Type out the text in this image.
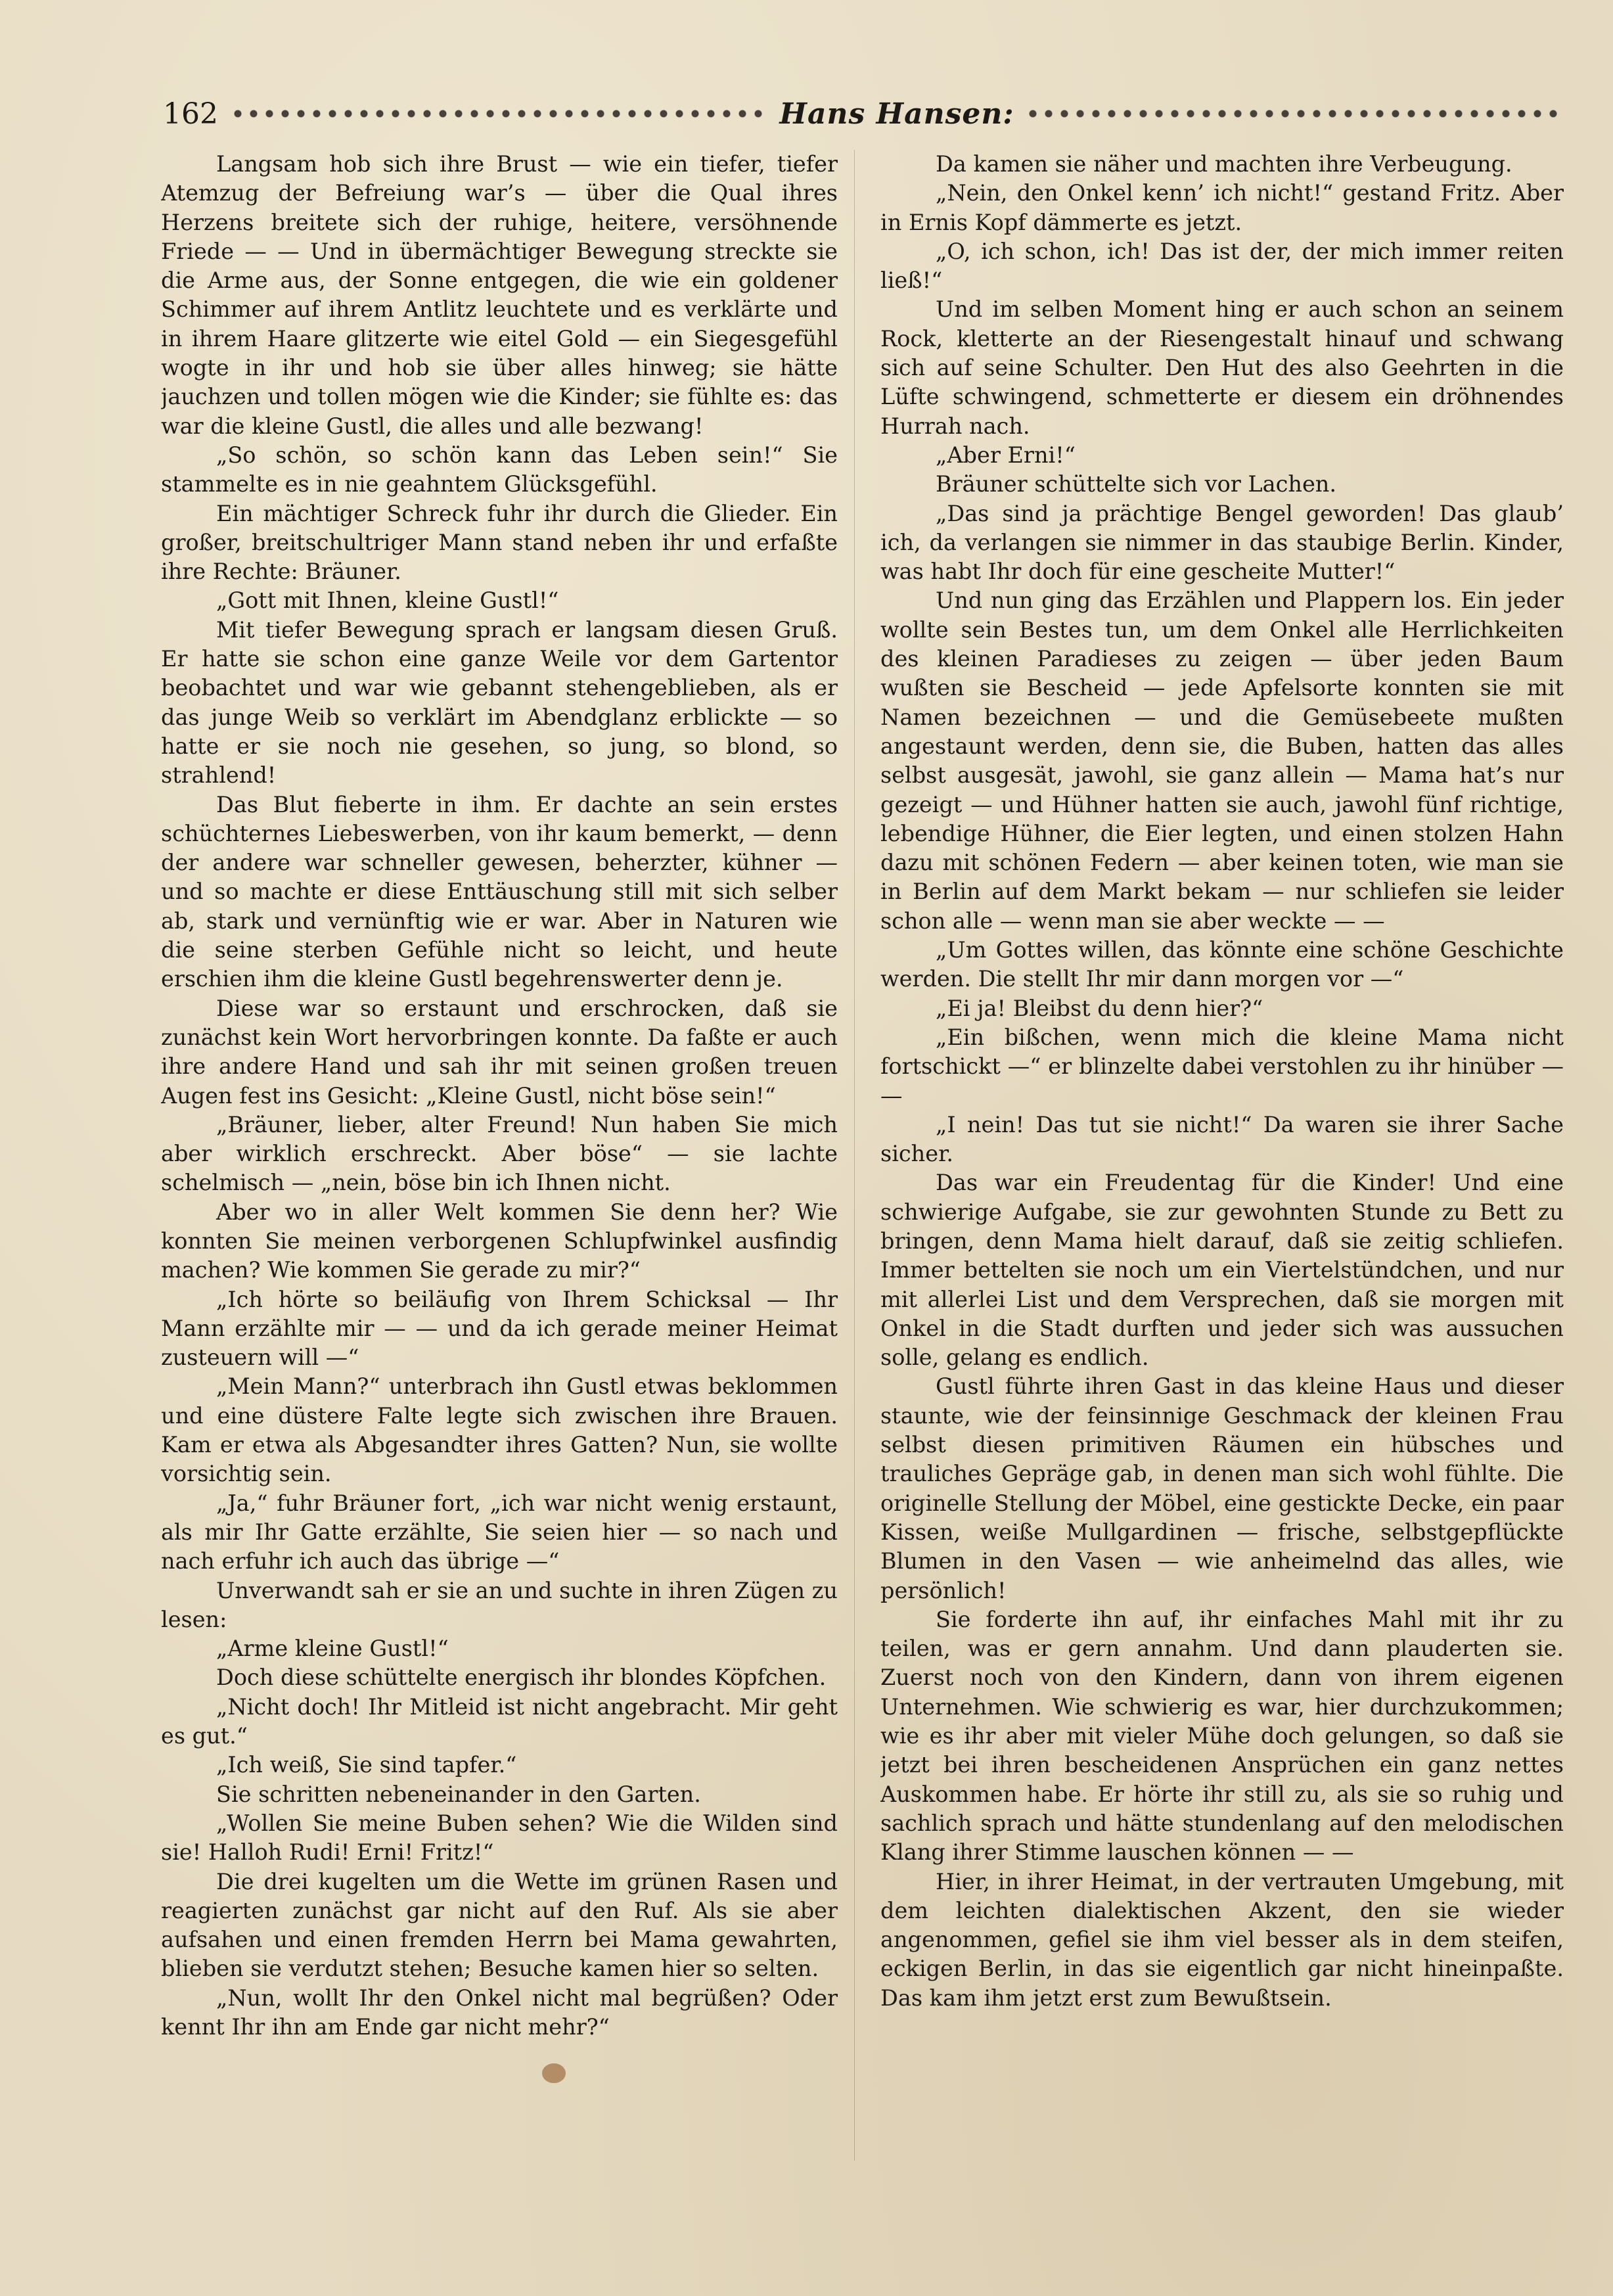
162	Hans Hansen:

Langsam hob sich ihre Brust — wie ein tiefer, tiefer Atemzug der Befreiung war’s — über die Qual ihres Herzens breitete sich der ruhige, heitere, versöhnende Friede — — Und in übermächtiger Bewegung streckte sie die Arme aus, der Sonne entgegen, die wie ein goldener Schimmer auf ihrem Antlitz leuchtete und es verklärte und in ihrem Haare glitzerte wie eitel Gold — ein Siegesgefühl wogte in ihr und hob sie über alles hinweg; sie hätte jauchzen und tollen mögen wie die Kinder; sie fühlte es: das war die kleine Gustl, die alles und alle bezwang!

„So schön, so schön kann das Leben sein!“ Sie stammelte es in nie geahntem Glücksgefühl.

Ein mächtiger Schreck fuhr ihr durch die Glieder. Ein großer, breitschultriger Mann stand neben ihr und erfaßte ihre Rechte: Bräuner.

„Gott mit Ihnen, kleine Gustl!“

Mit tiefer Bewegung sprach er langsam diesen Gruß. Er hatte sie schon eine ganze Weile vor dem Gartentor beobachtet und war wie gebannt stehengeblieben, als er das junge Weib so verklärt im Abendglanz erblickte — so hatte er sie noch nie gesehen, so jung, so blond, so strahlend!

Das Blut fieberte in ihm. Er dachte an sein erstes schüchternes Liebeswerben, von ihr kaum bemerkt, — denn der andere war schneller gewesen, beherzter, kühner — und so machte er diese Enttäuschung still mit sich selber ab, stark und vernünftig wie er war. Aber in Naturen wie die seine sterben Gefühle nicht so leicht, und heute erschien ihm die kleine Gustl begehrenswerter denn je.

Diese war so erstaunt und erschrocken, daß sie zunächst kein Wort hervorbringen konnte. Da faßte er auch ihre andere Hand und sah ihr mit seinen großen treuen Augen fest ins Gesicht: „Kleine Gustl, nicht böse sein!“

„Bräuner, lieber, alter Freund! Nun haben Sie mich aber wirklich erschreckt. Aber böse“ — sie lachte schelmisch — „nein, böse bin ich Ihnen nicht.

Aber wo in aller Welt kommen Sie denn her? Wie konnten Sie meinen verborgenen Schlupfwinkel ausfindig machen? Wie kommen Sie gerade zu mir?“

„Ich hörte so beiläufig von Ihrem Schicksal — Ihr Mann erzählte mir — — und da ich gerade meiner Heimat zusteuern will —“

„Mein Mann?“ unterbrach ihn Gustl etwas beklommen und eine düstere Falte legte sich zwischen ihre Brauen. Kam er etwa als Abgesandter ihres Gatten? Nun, sie wollte vorsichtig sein.

„Ja,“ fuhr Bräuner fort, „ich war nicht wenig erstaunt, als mir Ihr Gatte erzählte, Sie seien hier — so nach und nach erfuhr ich auch das übrige —“

Unverwandt sah er sie an und suchte in ihren Zügen zu lesen:

„Arme kleine Gustl!“

Doch diese schüttelte energisch ihr blondes Köpfchen.

„Nicht doch! Ihr Mitleid ist nicht angebracht. Mir geht es gut.“

„Ich weiß, Sie sind tapfer.“

Sie schritten nebeneinander in den Garten.

„Wollen Sie meine Buben sehen? Wie die Wilden sind sie! Halloh Rudi! Erni! Fritz!“

Die drei kugelten um die Wette im grünen Rasen und reagierten zunächst gar nicht auf den Ruf. Als sie aber aufsahen und einen fremden Herrn bei Mama gewahrten, blieben sie verdutzt stehen; Besuche kamen hier so selten.

„Nun, wollt Ihr den Onkel nicht mal begrüßen? Oder kennt Ihr ihn am Ende gar nicht mehr?“

Da kamen sie näher und machten ihre Verbeugung.

„Nein, den Onkel kenn’ ich nicht!“ gestand Fritz. Aber in Ernis Kopf dämmerte es jetzt.

„O, ich schon, ich! Das ist der, der mich immer reiten ließ!“

Und im selben Moment hing er auch schon an seinem Rock, kletterte an der Riesengestalt hinauf und schwang sich auf seine Schulter. Den Hut des also Geehrten in die Lüfte schwingend, schmetterte er diesem ein dröhnendes Hurrah nach.

„Aber Erni!“

Bräuner schüttelte sich vor Lachen.

„Das sind ja prächtige Bengel geworden! Das glaub’ ich, da verlangen sie nimmer in das staubige Berlin. Kinder, was habt Ihr doch für eine gescheite Mutter!“

Und nun ging das Erzählen und Plappern los. Ein jeder wollte sein Bestes tun, um dem Onkel alle Herrlichkeiten des kleinen Paradieses zu zeigen — über jeden Baum wußten sie Bescheid — jede Apfelsorte konnten sie mit Namen bezeichnen — und die Gemüsebeete mußten angestaunt werden, denn sie, die Buben, hatten das alles selbst ausgesät, jawohl, sie ganz allein — Mama hat’s nur gezeigt — und Hühner hatten sie auch, jawohl fünf richtige, lebendige Hühner, die Eier legten, und einen stolzen Hahn dazu mit schönen Federn — aber keinen toten, wie man sie in Berlin auf dem Markt bekam — nur schliefen sie leider schon alle — wenn man sie aber weckte — —

„Um Gottes willen, das könnte eine schöne Geschichte werden. Die stellt Ihr mir dann morgen vor —“

„Ei ja! Bleibst du denn hier?“

„Ein bißchen, wenn mich die kleine Mama nicht fortschickt —“ er blinzelte dabei verstohlen zu ihr hinüber — —

„I nein! Das tut sie nicht!“ Da waren sie ihrer Sache sicher.

Das war ein Freudentag für die Kinder! Und eine schwierige Aufgabe, sie zur gewohnten Stunde zu Bett zu bringen, denn Mama hielt darauf, daß sie zeitig schliefen. Immer bettelten sie noch um ein Viertelstündchen, und nur mit allerlei List und dem Versprechen, daß sie morgen mit Onkel in die Stadt durften und jeder sich was aussuchen solle, gelang es endlich.

Gustl führte ihren Gast in das kleine Haus und dieser staunte, wie der feinsinnige Geschmack der kleinen Frau selbst diesen primitiven Räumen ein hübsches und trauliches Gepräge gab, in denen man sich wohl fühlte. Die originelle Stellung der Möbel, eine gestickte Decke, ein paar Kissen, weiße Mullgardinen — frische, selbstgepflückte Blumen in den Vasen — wie anheimelnd das alles, wie persönlich!

Sie forderte ihn auf, ihr einfaches Mahl mit ihr zu teilen, was er gern annahm. Und dann plauderten sie. Zuerst noch von den Kindern, dann von ihrem eigenen Unternehmen. Wie schwierig es war, hier durchzukommen; wie es ihr aber mit vieler Mühe doch gelungen, so daß sie jetzt bei ihren bescheidenen Ansprüchen ein ganz nettes Auskommen habe. Er hörte ihr still zu, als sie so ruhig und sachlich sprach und hätte stundenlang auf den melodischen Klang ihrer Stimme lauschen können — —

Hier, in ihrer Heimat, in der vertrauten Umgebung, mit dem leichten dialektischen Akzent, den sie wieder angenommen, gefiel sie ihm viel besser als in dem steifen, eckigen Berlin, in das sie eigentlich gar nicht hineinpaßte. Das kam ihm jetzt erst zum Bewußtsein.
